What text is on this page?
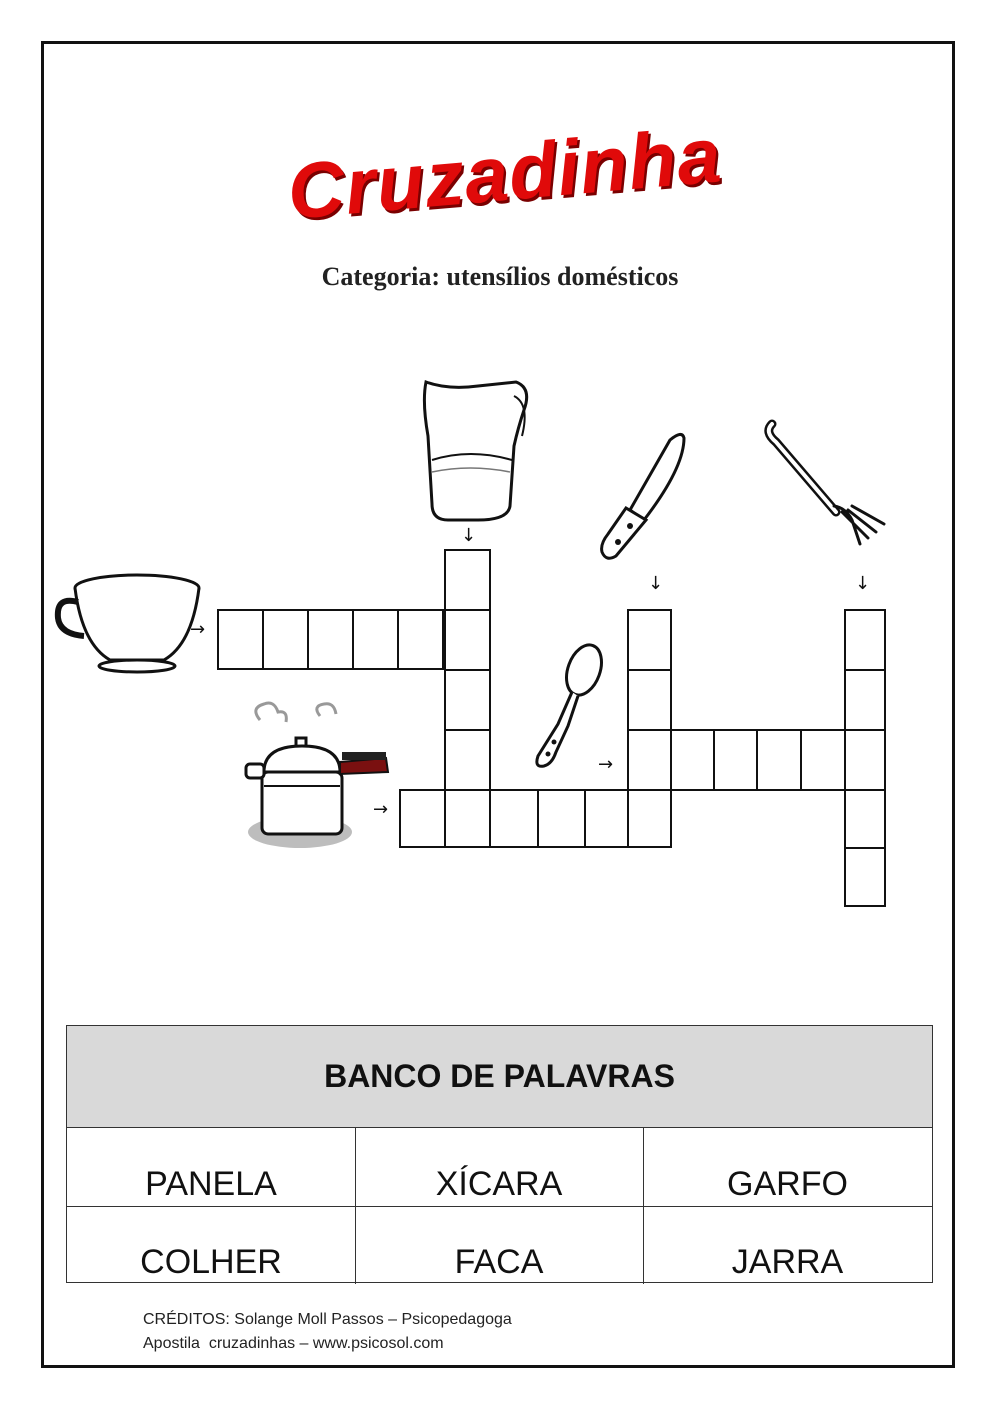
Cruzadinha
Categoria: utensílios domésticos
→
↓
↓	↓
→
→
BANCO DE PALAVRAS
PANELA	XÍCARA	GARFO
COLHER	FACA	JARRA
CRÉDITOS: Solange Moll Passos – Psicopedagoga
Apostila  cruzadinhas – www.psicosol.com
